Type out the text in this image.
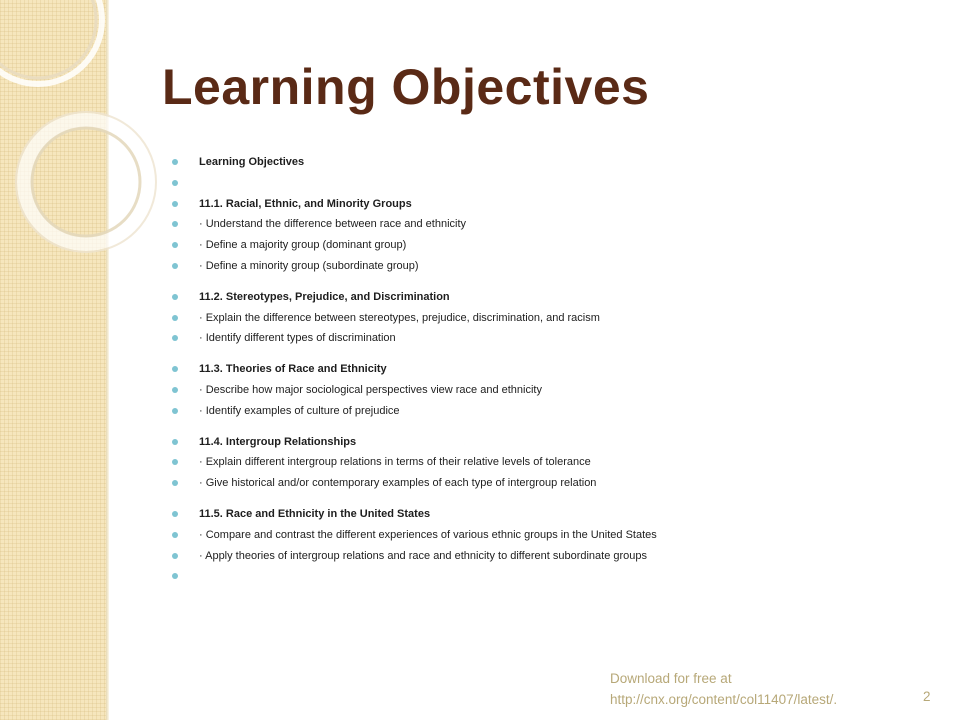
Learning Objectives
Learning Objectives
11.1. Racial, Ethnic, and Minority Groups
· Understand the difference between race and ethnicity
· Define a majority group (dominant group)
· Define a minority group (subordinate group)
11.2. Stereotypes, Prejudice, and Discrimination
· Explain the difference between stereotypes, prejudice, discrimination, and racism
· Identify different types of discrimination
11.3. Theories of Race and Ethnicity
· Describe how major sociological perspectives view race and ethnicity
· Identify examples of culture of prejudice
11.4. Intergroup Relationships
· Explain different intergroup relations in terms of their relative levels of tolerance
· Give historical and/or contemporary examples of each type of intergroup relation
11.5. Race and Ethnicity in the United States
· Compare and contrast the different experiences of various ethnic groups in the United States
· Apply theories of intergroup relations and race and ethnicity to different subordinate groups
Download for free at
http://cnx.org/content/col11407/latest/.	2
